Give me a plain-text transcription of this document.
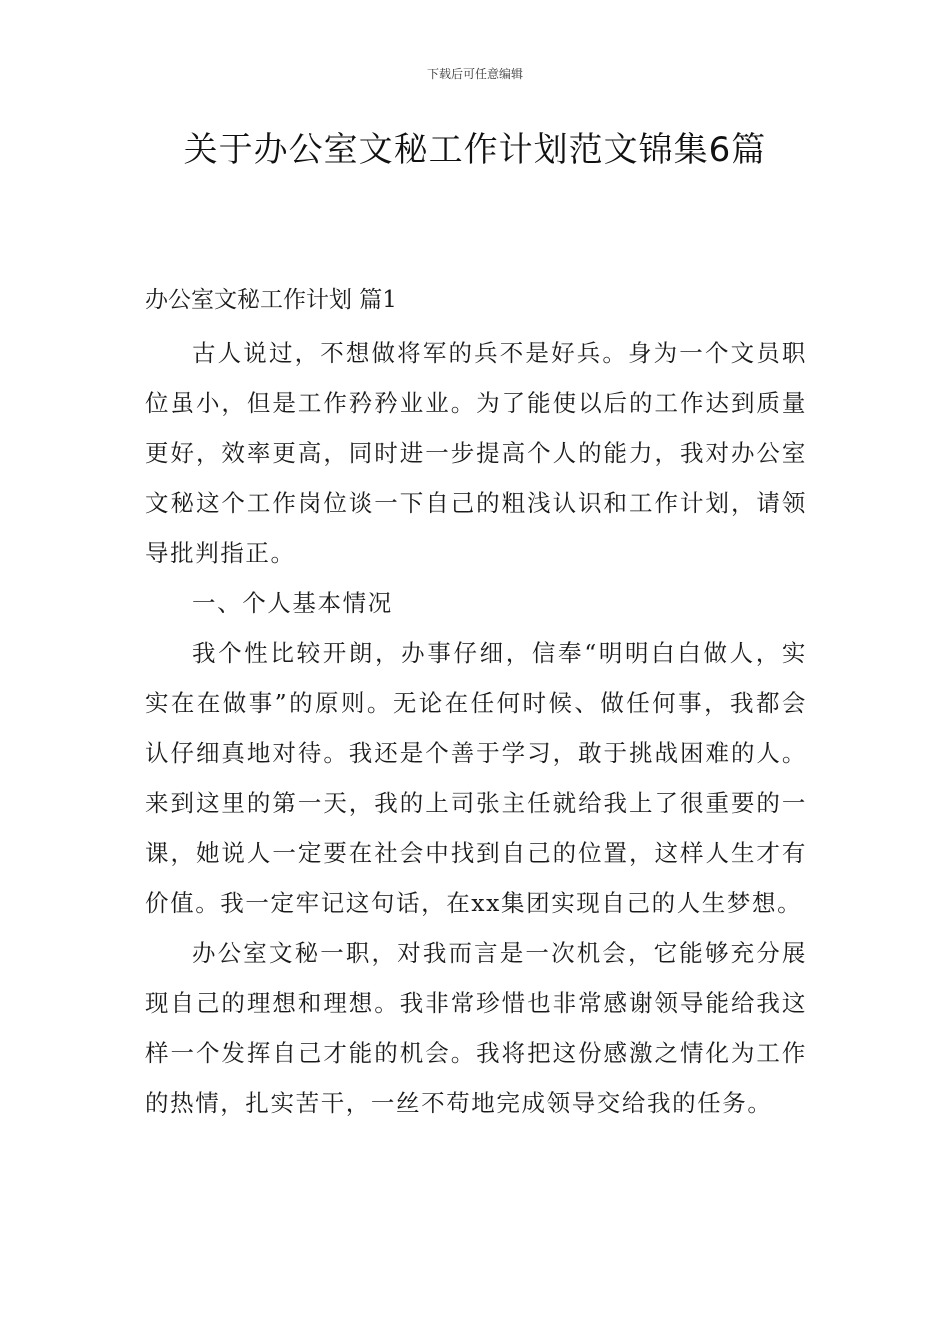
下载后可任意编辑
关于办公室文秘工作计划范文锦集6篇
办公室文秘工作计划 篇1

古人说过，不想做将军的兵不是好兵。身为一个文员职位虽小，但是工作矜矜业业。为了能使以后的工作达到质量更好，效率更高，同时进一步提高个人的能力，我对办公室文秘这个工作岗位谈一下自己的粗浅认识和工作计划，请领导批判指正。

一、个人基本情况

我个性比较开朗，办事仔细，信奉“明明白白做人，实实在在做事”的原则。无论在任何时候、做任何事，我都会认仔细真地对待。我还是个善于学习，敢于挑战困难的人。来到这里的第一天，我的上司张主任就给我上了很重要的一课，她说人一定要在社会中找到自己的位置，这样人生才有价值。我一定牢记这句话，在xx集团实现自己的人生梦想。

办公室文秘一职，对我而言是一次机会，它能够充分展现自己的理想和理想。我非常珍惜也非常感谢领导能给我这样一个发挥自己才能的机会。我将把这份感激之情化为工作的热情，扎实苦干，一丝不苟地完成领导交给我的任务。
